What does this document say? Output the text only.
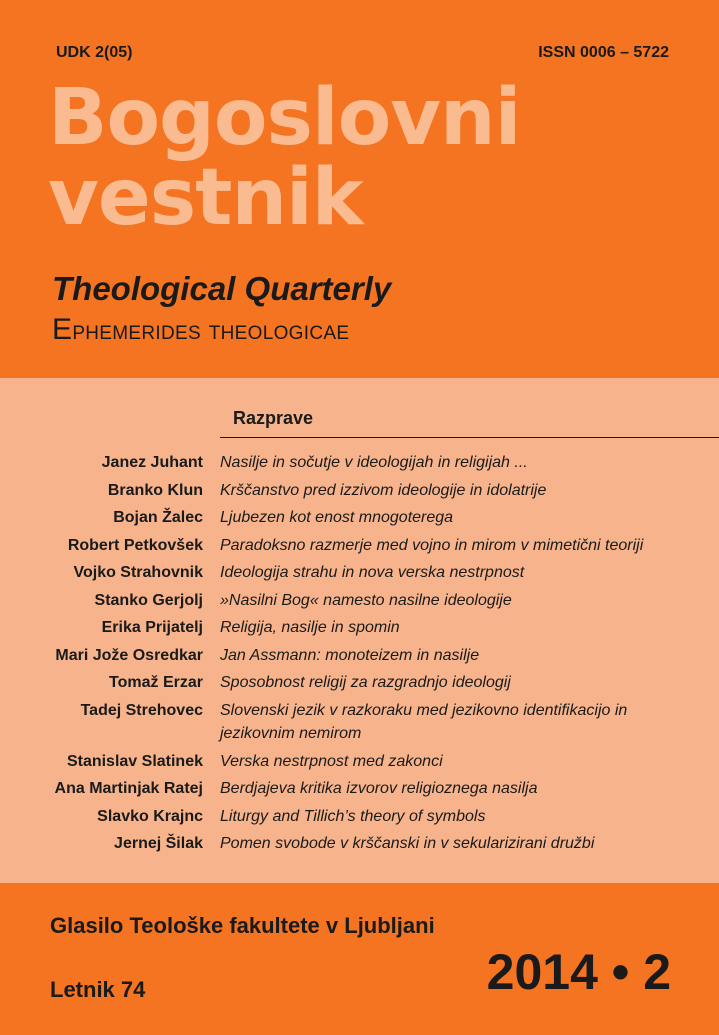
UDK 2(05)	ISSN 0006 – 5722
Bogoslovni
vestnik
Theological Quarterly
Ephemerides theologicae
Razprave
Janez Juhant Nasilje in sočutje v ideologijah in religijah ...
Branko Klun Krščanstvo pred izzivom ideologije in idolatrije
Bojan Žalec Ljubezen kot enost mnogoterega
Robert Petkovšek Paradoksno razmerje med vojno in mirom v mimetični teoriji
Vojko Strahovnik Ideologija strahu in nova verska nestrpnost
Stanko Gerjolj »Nasilni Bog« namesto nasilne ideologije
Erika Prijatelj Religija, nasilje in spomin
Mari Jože Osredkar Jan Assmann: monoteizem in nasilje
Tomaž Erzar Sposobnost religij za razgradnjo ideologij
Tadej Strehovec Slovenski jezik v razkoraku med jezikovno identifikacijo in jezikovnim nemirom
Stanislav Slatinek Verska nestrpnost med zakonci
Ana Martinjak Ratej Berdjajeva kritika izvorov religioznega nasilja
Slavko Krajnc Liturgy and Tillich’s theory of symbols
Jernej Šilak Pomen svobode v krščanski in v sekularizirani družbi
Glasilo Teološke fakultete v Ljubljani
Letnik 74	2014 • 2
